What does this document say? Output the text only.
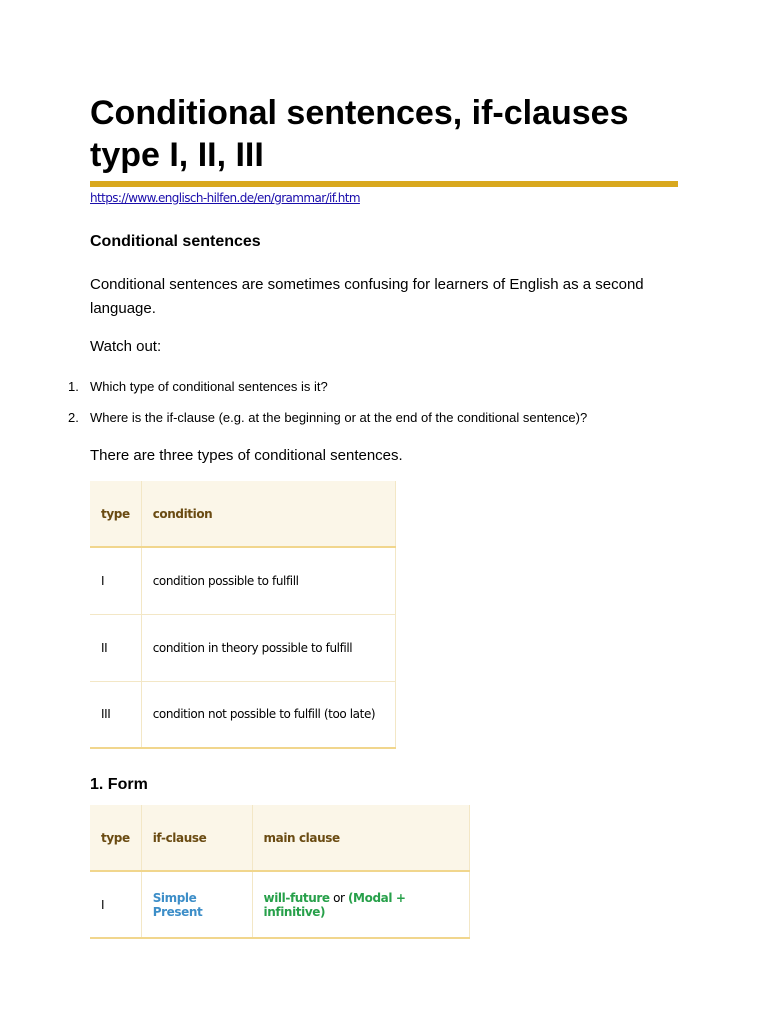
Conditional sentences, if-clauses type I, II, III
https://www.englisch-hilfen.de/en/grammar/if.htm
Conditional sentences

Conditional sentences are sometimes confusing for learners of English as a second language.

Watch out:

1. Which type of conditional sentences is it?
2. Where is the if-clause (e.g. at the beginning or at the end of the conditional sentence)?

There are three types of conditional sentences.

type	condition
I	condition possible to fulfill
II	condition in theory possible to fulfill
III	condition not possible to fulfill (too late)
1. Form
type	if-clause	main clause
I	Simple Present	will-future or (Modal + infinitive)
